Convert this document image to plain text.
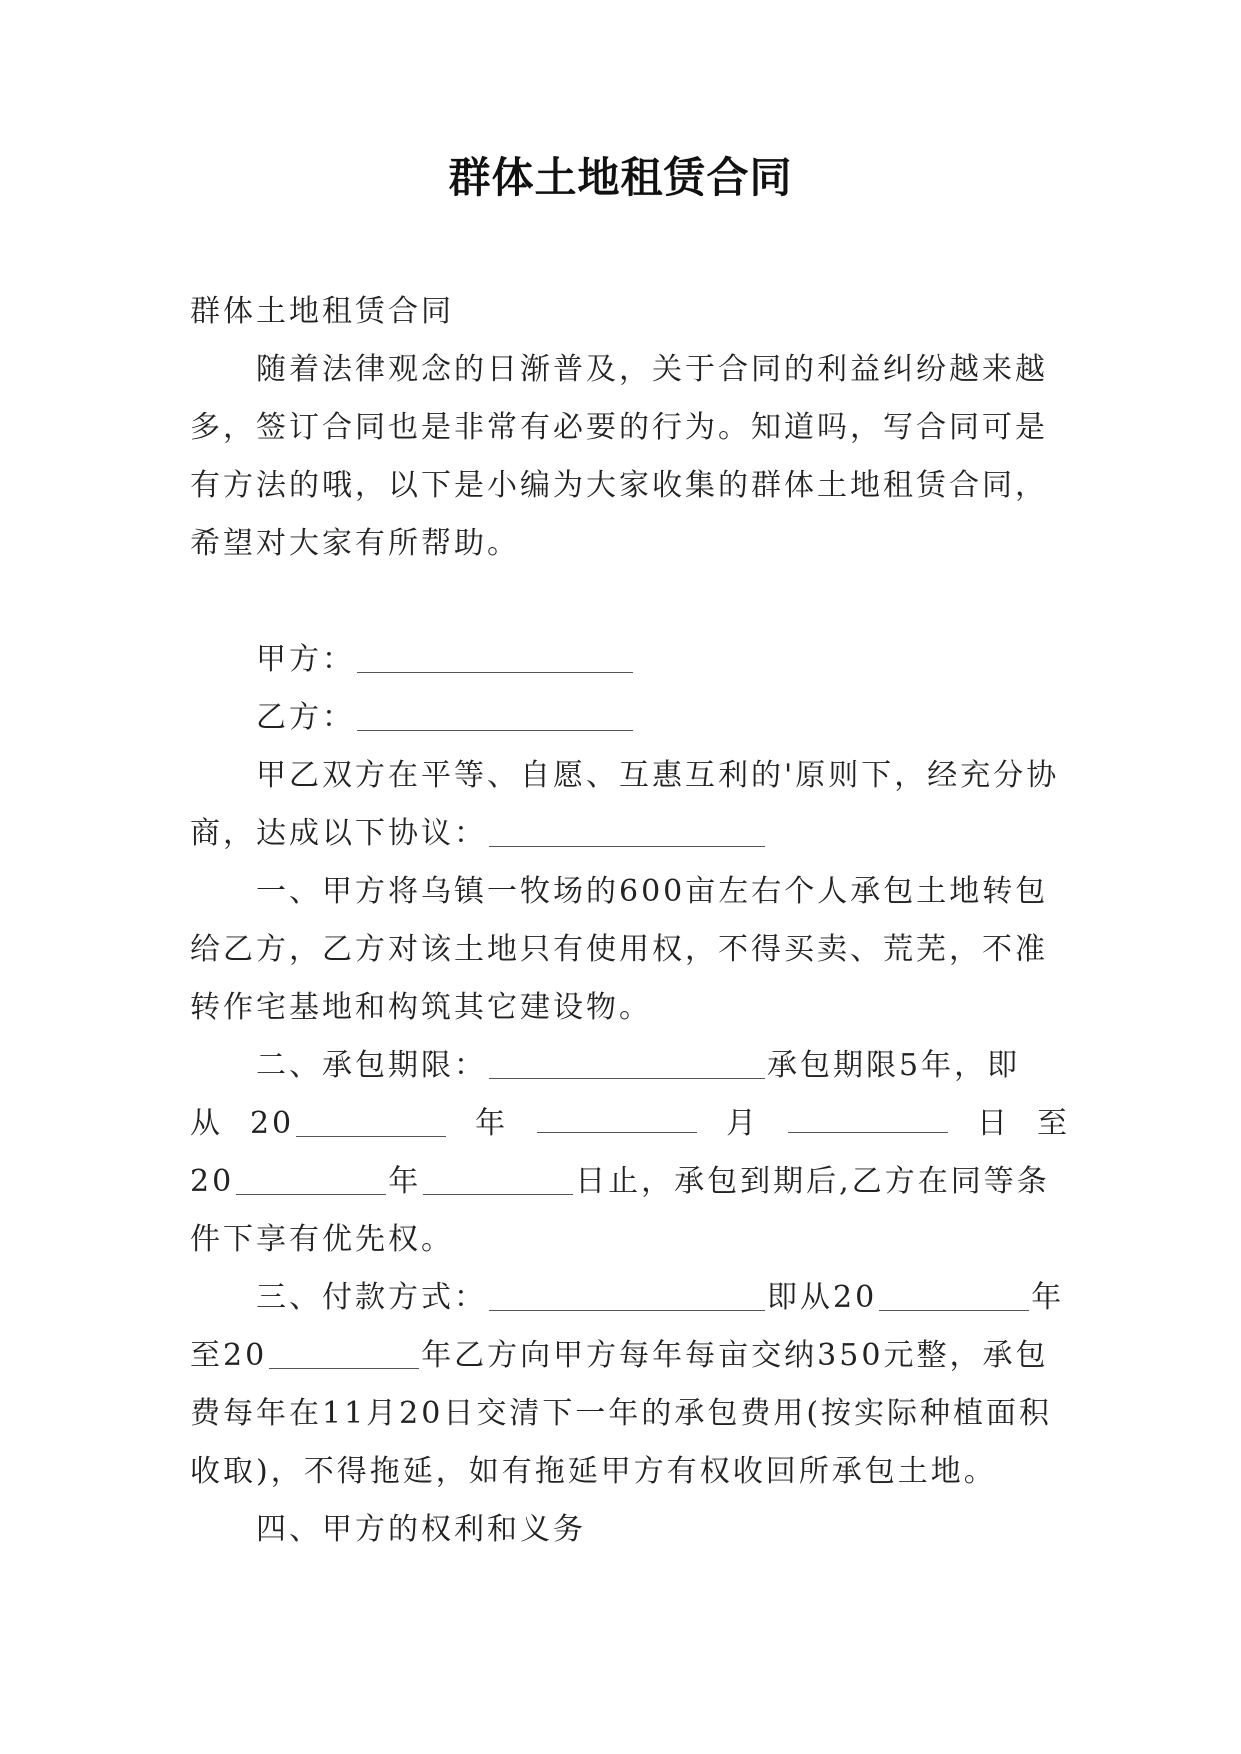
群体土地租赁合同

群体土地租赁合同

随着法律观念的日渐普及，关于合同的利益纠纷越来越多，签订合同也是非常有必要的行为。知道吗，写合同可是有方法的哦，以下是小编为大家收集的群体土地租赁合同，希望对大家有所帮助。

甲方：

乙方：

甲乙双方在平等、自愿、互惠互利的'原则下，经充分协商，达成以下协议：

一、甲方将乌镇一牧场的600亩左右个人承包土地转包给乙方，乙方对该土地只有使用权，不得买卖、荒芜，不准转作宅基地和构筑其它建设物。

二、承包期限：	承包期限5年，即

从 20	年	月	日 至

20	年	日止，承包到期后,乙方在同等条件下享有优先权。

三、付款方式：	即从20	年至20	年乙方向甲方每年每亩交纳350元整，承包费每年在11月20日交清下一年的承包费用(按实际种植面积收取)，不得拖延，如有拖延甲方有权收回所承包土地。

四、甲方的权利和义务
